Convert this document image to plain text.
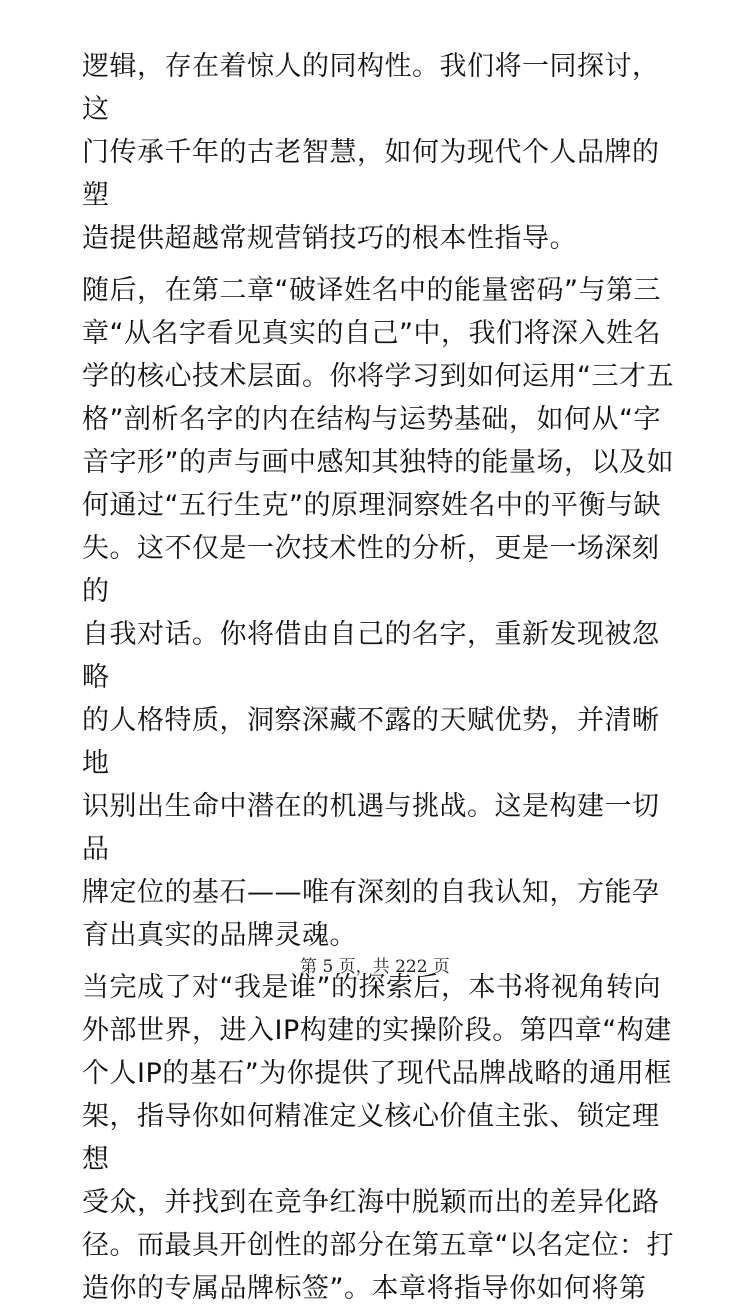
逻辑，存在着惊人的同构性。我们将一同探讨，这
门传承千年的古老智慧，如何为现代个人品牌的塑
造提供超越常规营销技巧的根本性指导。

随后，在第二章“破译姓名中的能量密码”与第三
章“从名字看见真实的自己”中，我们将深入姓名
学的核心技术层面。你将学习到如何运用“三才五
格”剖析名字的内在结构与运势基础，如何从“字
音字形”的声与画中感知其独特的能量场，以及如
何通过“五行生克”的原理洞察姓名中的平衡与缺
失。这不仅是一次技术性的分析，更是一场深刻的
自我对话。你将借由自己的名字，重新发现被忽略
的人格特质，洞察深藏不露的天赋优势，并清晰地
识别出生命中潜在的机遇与挑战。这是构建一切品
牌定位的基石——唯有深刻的自我认知，方能孕
育出真实的品牌灵魂。

当完成了对“我是谁”的探索后，本书将视角转向
外部世界，进入IP构建的实操阶段。第四章“构建
个人IP的基石”为你提供了现代品牌战略的通用框
架，指导你如何精准定义核心价值主张、锁定理想
受众，并找到在竞争红海中脱颖而出的差异化路
径。而最具开创性的部分在第五章“以名定位：打
造你的专属品牌标签”。本章将指导你如何将第

第 5 页，共 222 页
